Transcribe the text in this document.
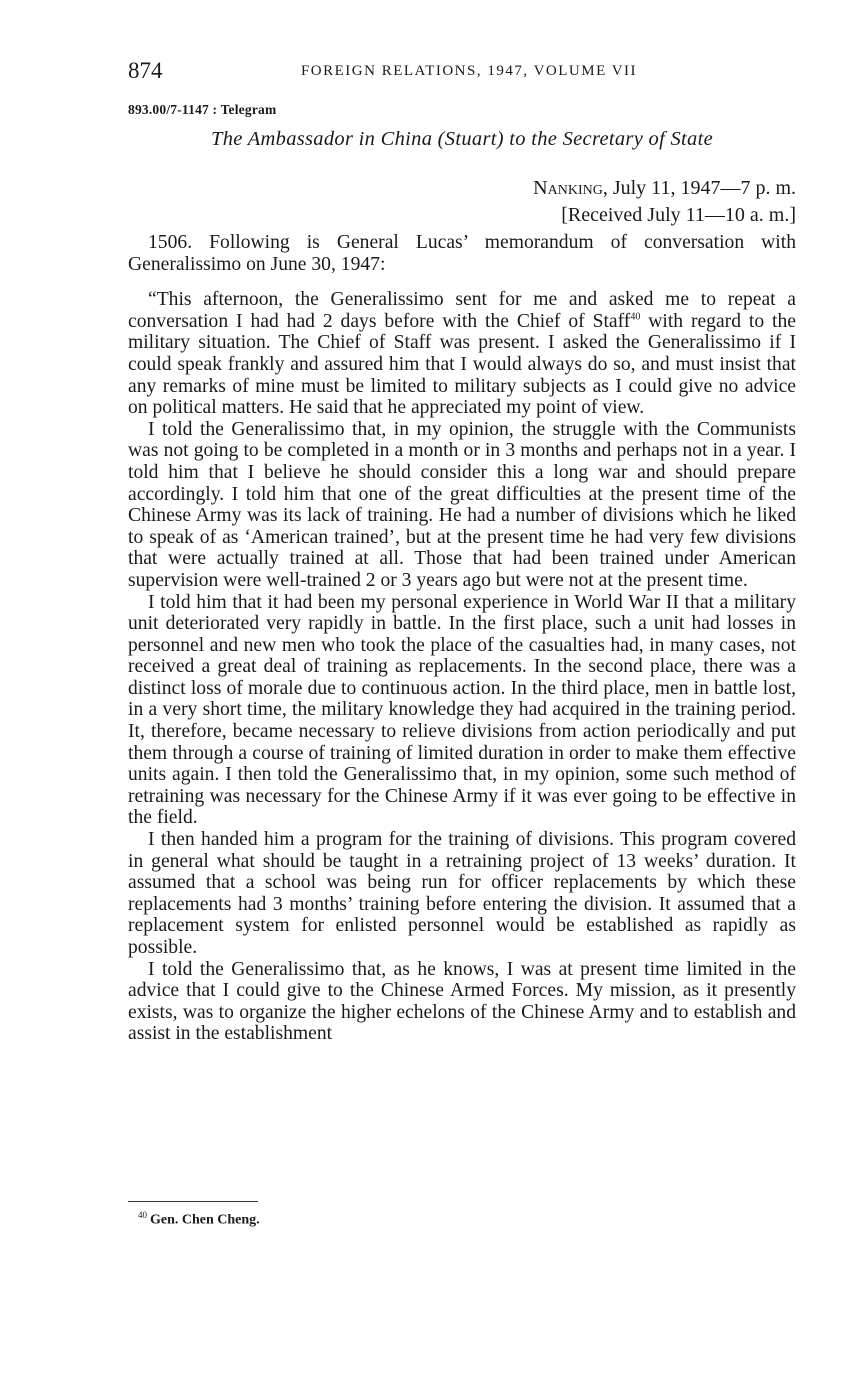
874	FOREIGN RELATIONS, 1947, VOLUME VII
893.00/7-1147 : Telegram
The Ambassador in China (Stuart) to the Secretary of State
Nanking, July 11, 1947—7 p. m.
[Received July 11—10 a. m.]

1506. Following is General Lucas’ memorandum of conversation with Generalissimo on June 30, 1947:

“This afternoon, the Generalissimo sent for me and asked me to repeat a conversation I had had 2 days before with the Chief of Staff$^{40}$ with regard to the military situation. The Chief of Staff was present. I asked the Generalissimo if I could speak frankly and assured him that I would always do so, and must insist that any remarks of mine must be limited to military subjects as I could give no advice on political matters. He said that he appreciated my point of view.

I told the Generalissimo that, in my opinion, the struggle with the Communists was not going to be completed in a month or in 3 months and perhaps not in a year. I told him that I believe he should consider this a long war and should prepare accordingly. I told him that one of the great difficulties at the present time of the Chinese Army was its lack of training. He had a number of divisions which he liked to speak of as ‘American trained’, but at the present time he had very few divisions that were actually trained at all. Those that had been trained under American supervision were well-trained 2 or 3 years ago but were not at the present time.

I told him that it had been my personal experience in World War II that a military unit deteriorated very rapidly in battle. In the first place, such a unit had losses in personnel and new men who took the place of the casualties had, in many cases, not received a great deal of training as replacements. In the second place, there was a distinct loss of morale due to continuous action. In the third place, men in battle lost, in a very short time, the military knowledge they had acquired in the training period. It, therefore, became necessary to relieve divisions from action periodically and put them through a course of training of limited duration in order to make them effective units again. I then told the Generalissimo that, in my opinion, some such method of retraining was necessary for the Chinese Army if it was ever going to be effective in the field.

I then handed him a program for the training of divisions. This program covered in general what should be taught in a retraining project of 13 weeks’ duration. It assumed that a school was being run for officer replacements by which these replacements had 3 months’ training before entering the division. It assumed that a replacement system for enlisted personnel would be established as rapidly as possible.

I told the Generalissimo that, as he knows, I was at present time limited in the advice that I could give to the Chinese Armed Forces. My mission, as it presently exists, was to organize the higher echelons of the Chinese Army and to establish and assist in the establishment

$^{40}$ Gen. Chen Cheng.
